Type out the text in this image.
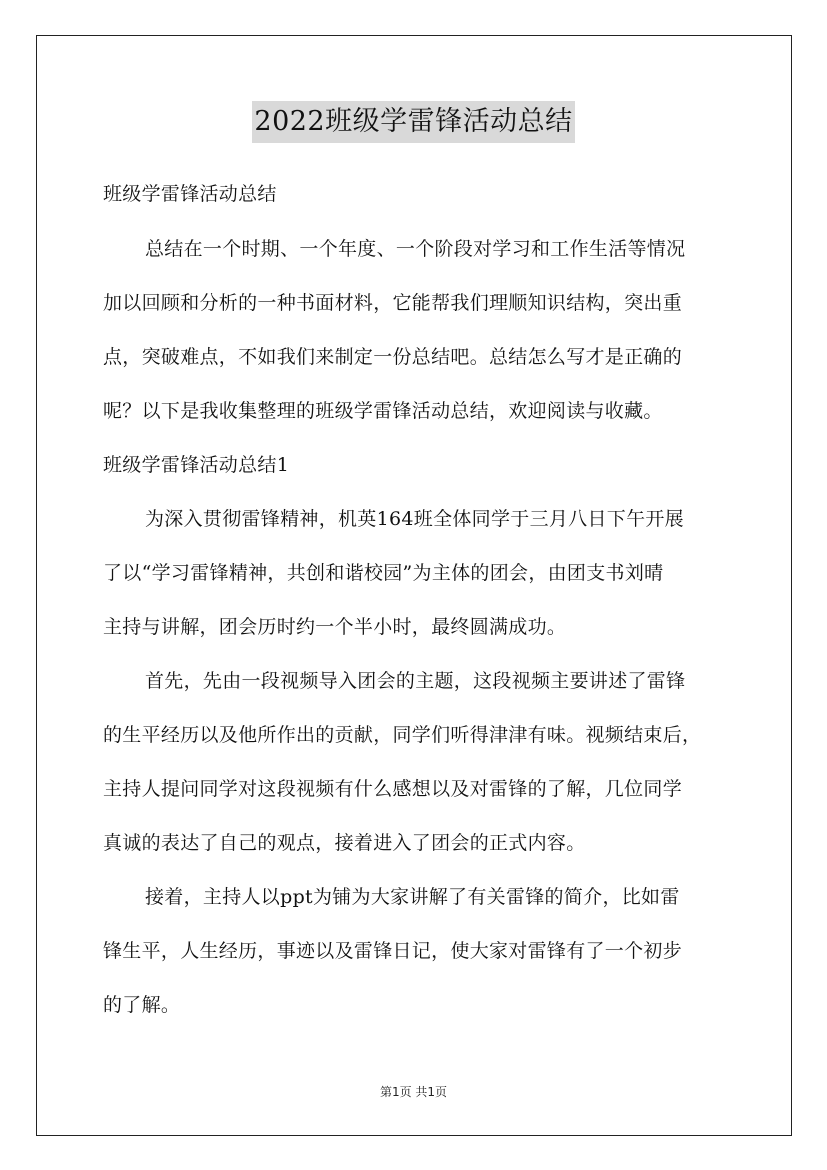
2022班级学雷锋活动总结
班级学雷锋活动总结
总结在一个时期、一个年度、一个阶段对学习和工作生活等情况
加以回顾和分析的一种书面材料，它能帮我们理顺知识结构，突出重
点，突破难点，不如我们来制定一份总结吧。总结怎么写才是正确的
呢？以下是我收集整理的班级学雷锋活动总结，欢迎阅读与收藏。
班级学雷锋活动总结1
为深入贯彻雷锋精神，机英164班全体同学于三月八日下午开展
了以“学习雷锋精神，共创和谐校园”为主体的团会，由团支书刘晴
主持与讲解，团会历时约一个半小时，最终圆满成功。
首先，先由一段视频导入团会的主题，这段视频主要讲述了雷锋
的生平经历以及他所作出的贡献，同学们听得津津有味。视频结束后，
主持人提问同学对这段视频有什么感想以及对雷锋的了解，几位同学
真诚的表达了自己的观点，接着进入了团会的正式内容。
接着，主持人以ppt为铺为大家讲解了有关雷锋的简介，比如雷
锋生平，人生经历，事迹以及雷锋日记，使大家对雷锋有了一个初步
的了解。
第1页 共1页
